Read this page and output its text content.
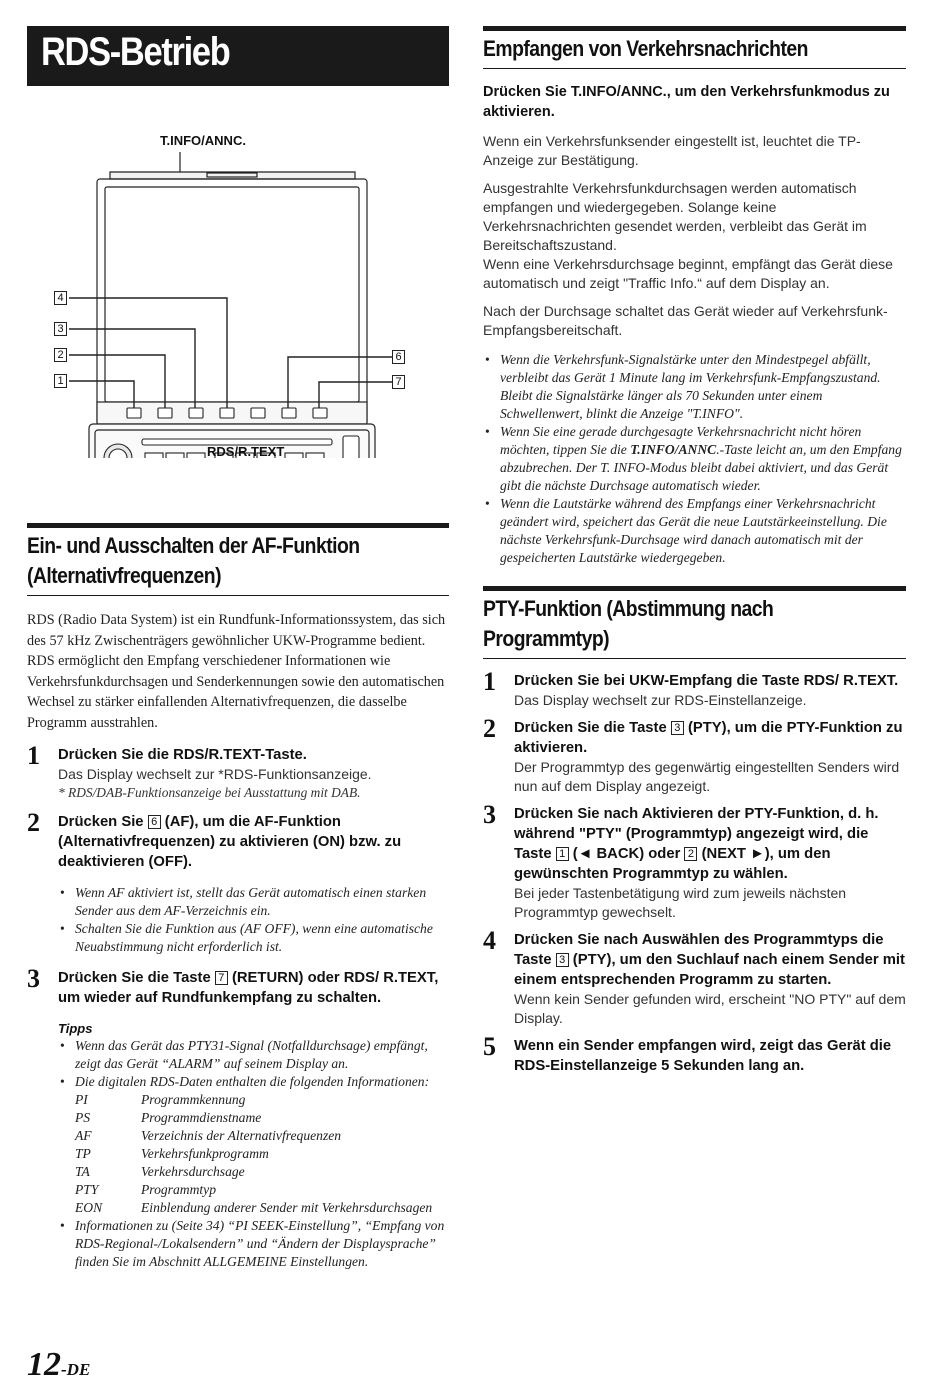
RDS-Betrieb
T.INFO/ANNC.
4
3
2
1
6
7
RDS/R.TEXT
Ein- und Ausschalten der AF-Funktion
(Alternativfrequenzen)

RDS (Radio Data System) ist ein Rundfunk-Informationssystem, das sich des 57 kHz Zwischenträgers gewöhnlicher UKW-Programme bedient. RDS ermöglicht den Empfang verschiedener Informationen wie Verkehrsfunkdurchsagen und Senderkennungen sowie den automatischen Wechsel zu stärker einfallenden Alternativfrequenzen, die dasselbe Programm ausstrahlen.

1 Drücken Sie die RDS/R.TEXT-Taste.
Das Display wechselt zur *RDS-Funktionsanzeige.
* RDS/DAB-Funktionsanzeige bei Ausstattung mit DAB.
2 Drücken Sie 6 (AF), um die AF-Funktion (Alternativfrequenzen) zu aktivieren (ON) bzw. zu deaktivieren (OFF).
• Wenn AF aktiviert ist, stellt das Gerät automatisch einen starken Sender aus dem AF-Verzeichnis ein.
• Schalten Sie die Funktion aus (AF OFF), wenn eine automatische Neuabstimmung nicht erforderlich ist.
3 Drücken Sie die Taste 7 (RETURN) oder RDS/ R.TEXT, um wieder auf Rundfunkempfang zu schalten.
Tipps
• Wenn das Gerät das PTY31-Signal (Notfalldurchsage) empfängt, zeigt das Gerät “ALARM” auf seinem Display an.
• Die digitalen RDS-Daten enthalten die folgenden Informationen:
PI	Programmkennung
PS	Programmdienstname
AF	Verzeichnis der Alternativfrequenzen
TP	Verkehrsfunkprogramm
TA	Verkehrsdurchsage
PTY	Programmtyp
EON	Einblendung anderer Sender mit Verkehrsdurchsagen
• Informationen zu (Seite 34) “PI SEEK-Einstellung”, “Empfang von RDS-Regional-/Lokalsendern” und “Ändern der Displaysprache” finden Sie im Abschnitt ALLGEMEINE Einstellungen.
Empfangen von Verkehrsnachrichten
Drücken Sie T.INFO/ANNC., um den Verkehrsfunkmodus zu aktivieren.

Wenn ein Verkehrsfunksender eingestellt ist, leuchtet die TP-Anzeige zur Bestätigung.

Ausgestrahlte Verkehrsfunkdurchsagen werden automatisch empfangen und wiedergegeben. Solange keine Verkehrsnachrichten gesendet werden, verbleibt das Gerät im Bereitschaftszustand.

Wenn eine Verkehrsdurchsage beginnt, empfängt das Gerät diese automatisch und zeigt "Traffic Info.“ auf dem Display an.

Nach der Durchsage schaltet das Gerät wieder auf Verkehrsfunk-Empfangsbereitschaft.

• Wenn die Verkehrsfunk-Signalstärke unter den Mindestpegel abfällt, verbleibt das Gerät 1 Minute lang im Verkehrsfunk-Empfangszustand. Bleibt die Signalstärke länger als 70 Sekunden unter einem Schwellenwert, blinkt die Anzeige "T.INFO".
• Wenn Sie eine gerade durchgesagte Verkehrsnachricht nicht hören möchten, tippen Sie die T.INFO/ANNC.-Taste leicht an, um den Empfang abzubrechen. Der T. INFO-Modus bleibt dabei aktiviert, und das Gerät gibt die nächste Durchsage automatisch wieder.
• Wenn die Lautstärke während des Empfangs einer Verkehrsnachricht geändert wird, speichert das Gerät die neue Lautstärkeeinstellung. Die nächste Verkehrsfunk-Durchsage wird danach automatisch mit der gespeicherten Lautstärke wiedergegeben.
PTY-Funktion (Abstimmung nach
Programmtyp)
1 Drücken Sie bei UKW-Empfang die Taste RDS/ R.TEXT.
Das Display wechselt zur RDS-Einstellanzeige.
2 Drücken Sie die Taste 3 (PTY), um die PTY-Funktion zu aktivieren.
Der Programmtyp des gegenwärtig eingestellten Senders wird nun auf dem Display angezeigt.
3 Drücken Sie nach Aktivieren der PTY-Funktion, d. h. während "PTY" (Programmtyp) angezeigt wird, die Taste 1 (◄ BACK) oder 2 (NEXT ►), um den gewünschten Programmtyp zu wählen.
Bei jeder Tastenbetätigung wird zum jeweils nächsten Programmtyp gewechselt.
4 Drücken Sie nach Auswählen des Programmtyps die Taste 3 (PTY), um den Suchlauf nach einem Sender mit einem entsprechenden Programm zu starten.
Wenn kein Sender gefunden wird, erscheint "NO PTY" auf dem Display.
5 Wenn ein Sender empfangen wird, zeigt das Gerät die RDS-Einstellanzeige 5 Sekunden lang an.
12-DE
